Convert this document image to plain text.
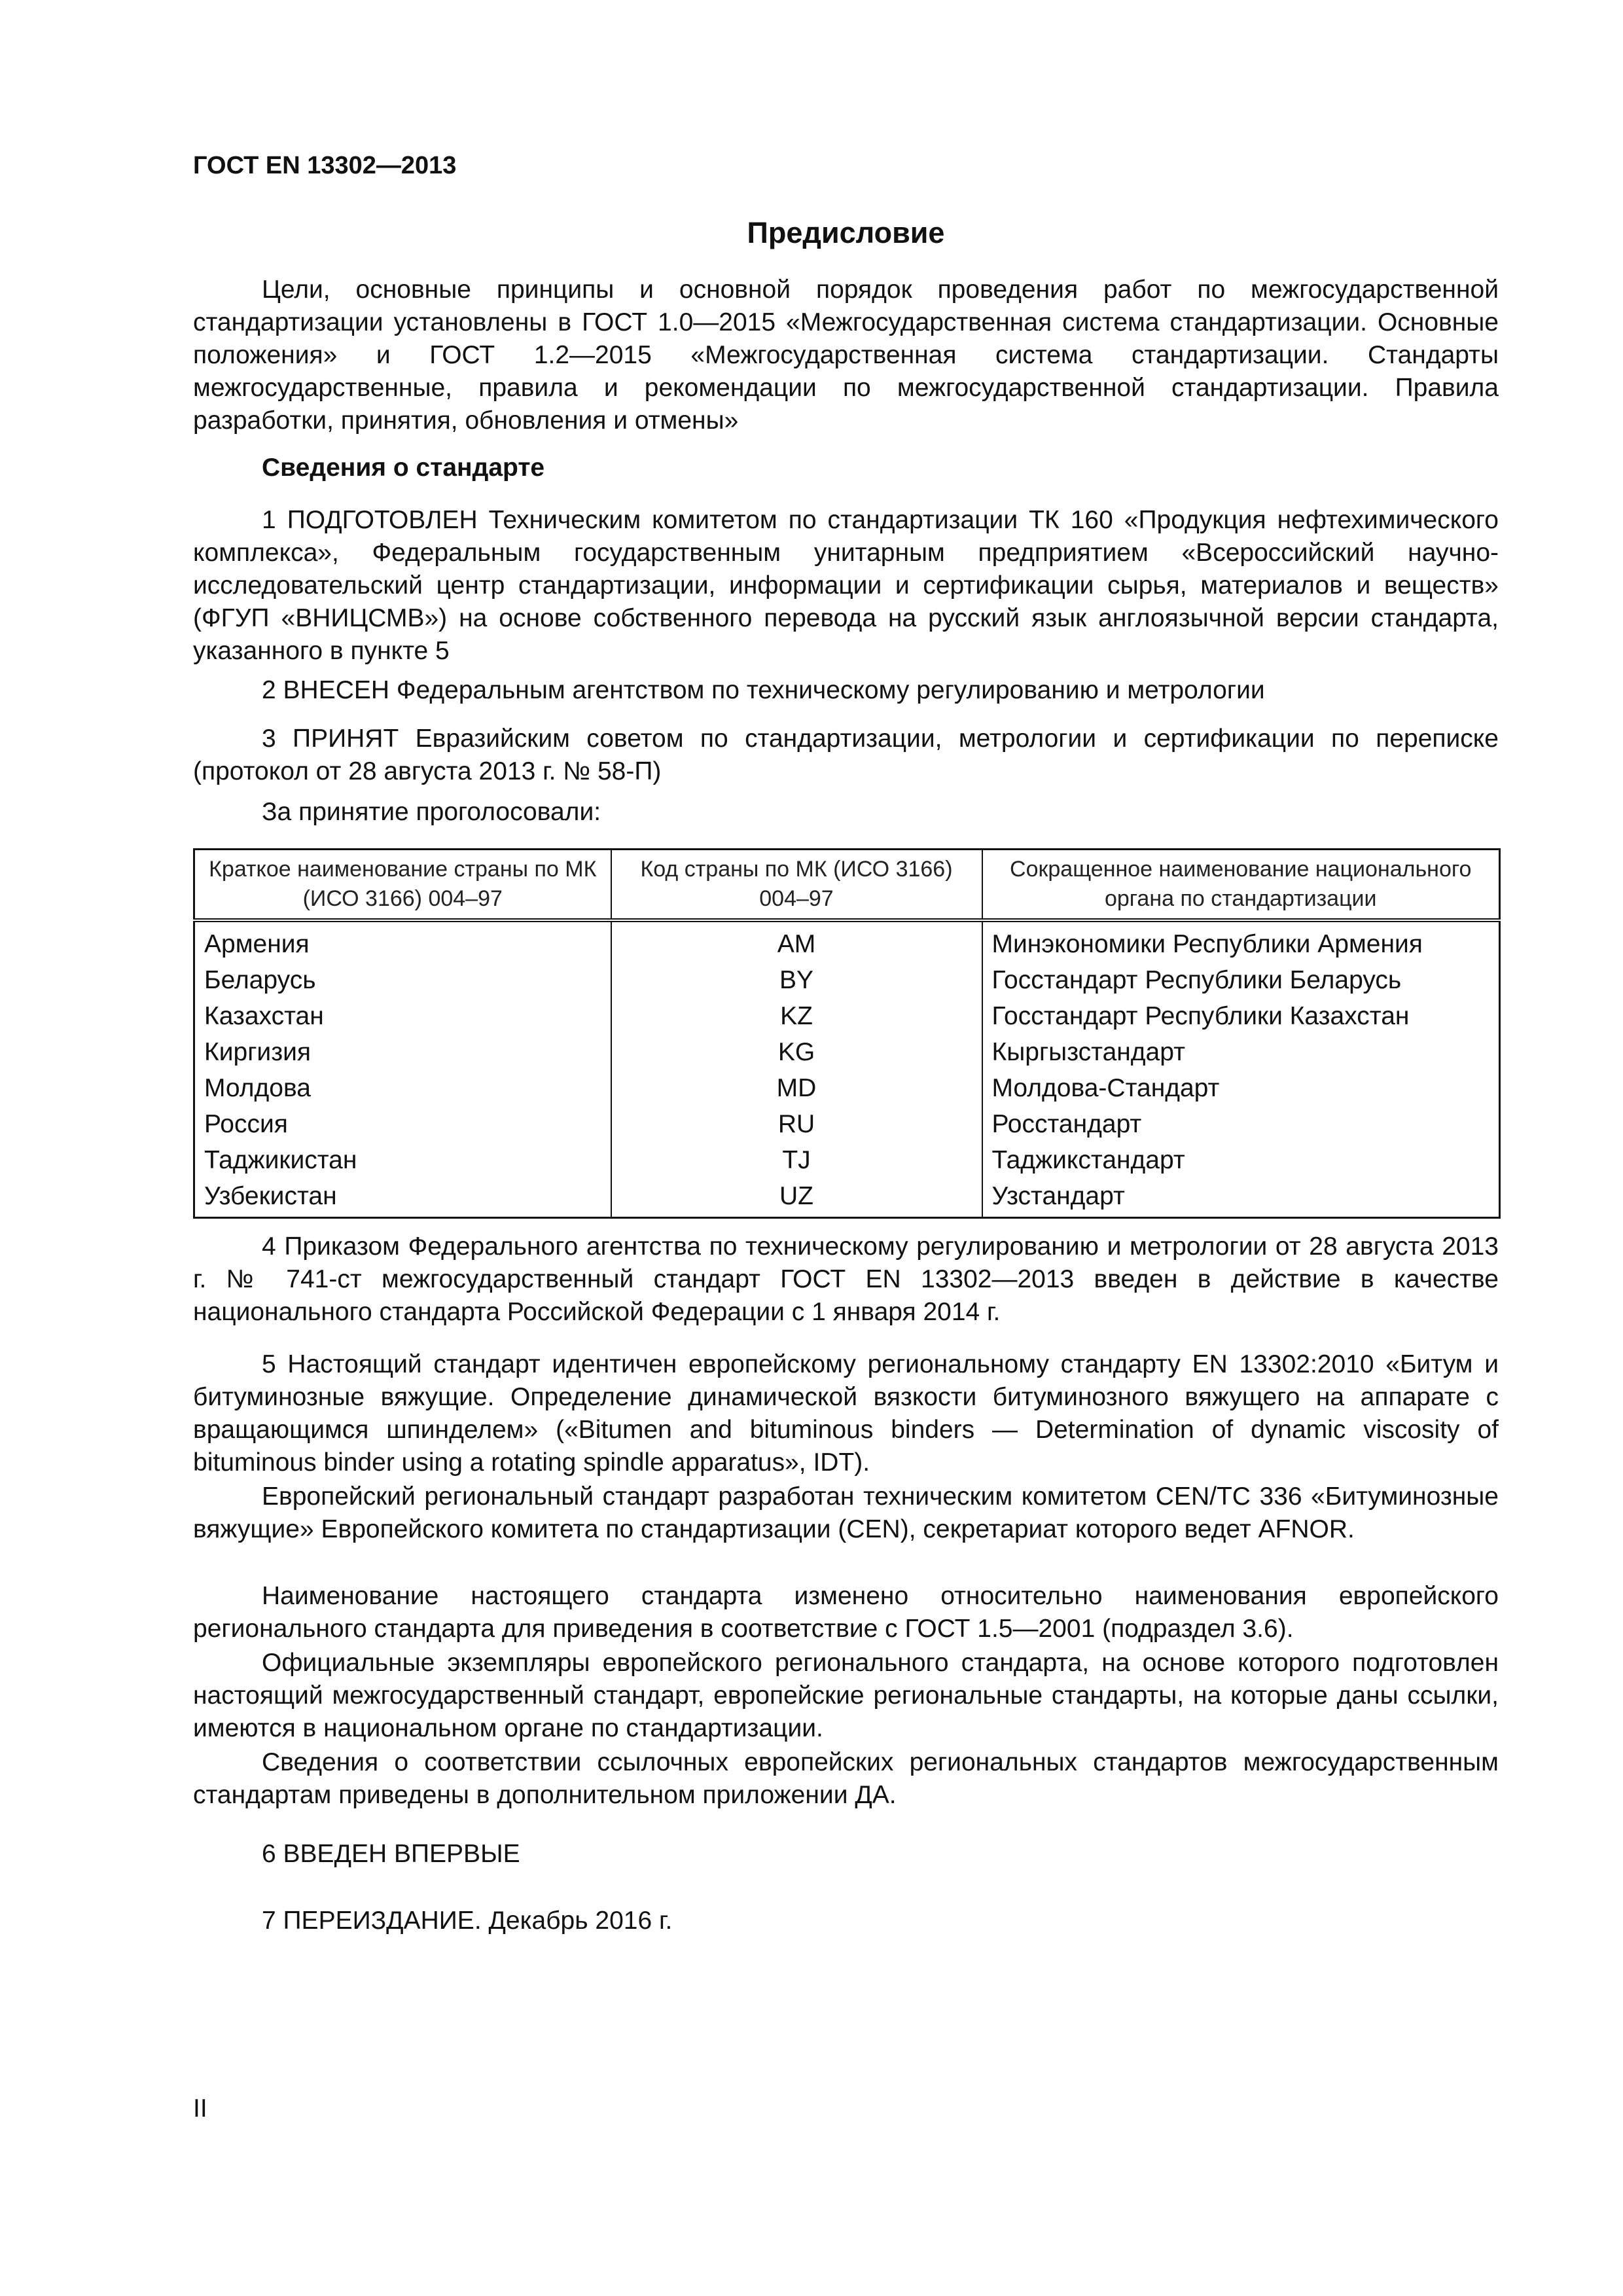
ГОСТ EN 13302—2013
Предисловие
Цели, основные принципы и основной порядок проведения работ по межгосударственной стандартизации установлены в ГОСТ 1.0—2015 «Межгосударственная система стандартизации. Основные положения» и ГОСТ 1.2—2015 «Межгосударственная система стандартизации. Стандарты межгосударственные, правила и рекомендации по межгосударственной стандартизации. Правила разработки, принятия, обновления и отмены»
Сведения о стандарте
1 ПОДГОТОВЛЕН Техническим комитетом по стандартизации ТК 160 «Продукция нефтехимического комплекса», Федеральным государственным унитарным предприятием «Всероссийский научно-исследовательский центр стандартизации, информации и сертификации сырья, материалов и веществ» (ФГУП «ВНИЦСМВ») на основе собственного перевода на русский язык англоязычной версии стандарта, указанного в пункте 5
2 ВНЕСЕН Федеральным агентством по техническому регулированию и метрологии
3 ПРИНЯТ Евразийским советом по стандартизации, метрологии и сертификации по переписке (протокол от 28 августа 2013 г. № 58-П)
За принятие проголосовали:
Краткое наименование страны по МК (ИСО 3166) 004–97	Код страны по МК (ИСО 3166) 004–97	Сокращенное наименование национального органа по стандартизации
Армения	AM	Минэкономики Республики Армения
Беларусь	BY	Госстандарт Республики Беларусь
Казахстан	KZ	Госстандарт Республики Казахстан
Киргизия	KG	Кыргызстандарт
Молдова	MD	Молдова-Стандарт
Россия	RU	Росстандарт
Таджикистан	TJ	Таджикстандарт
Узбекистан	UZ	Узстандарт
4 Приказом Федерального агентства по техническому регулированию и метрологии от 28 августа 2013 г. № 741-ст межгосударственный стандарт ГОСТ EN 13302—2013 введен в действие в качестве национального стандарта Российской Федерации с 1 января 2014 г.
5 Настоящий стандарт идентичен европейскому региональному стандарту EN 13302:2010 «Битум и битуминозные вяжущие. Определение динамической вязкости битуминозного вяжущего на аппарате с вращающимся шпинделем» («Bitumen and bituminous binders — Determination of dynamic viscosity of bituminous binder using a rotating spindle apparatus», IDT).
Европейский региональный стандарт разработан техническим комитетом CEN/TC 336 «Битуминозные вяжущие» Европейского комитета по стандартизации (CEN), секретариат которого ведет AFNOR.
Наименование настоящего стандарта изменено относительно наименования европейского регионального стандарта для приведения в соответствие с ГОСТ 1.5—2001 (подраздел 3.6).
Официальные экземпляры европейского регионального стандарта, на основе которого подготовлен настоящий межгосударственный стандарт, европейские региональные стандарты, на которые даны ссылки, имеются в национальном органе по стандартизации.
Сведения о соответствии ссылочных европейских региональных стандартов межгосударственным стандартам приведены в дополнительном приложении ДА.
6 ВВЕДЕН ВПЕРВЫЕ
7 ПЕРЕИЗДАНИЕ. Декабрь 2016 г.
II
